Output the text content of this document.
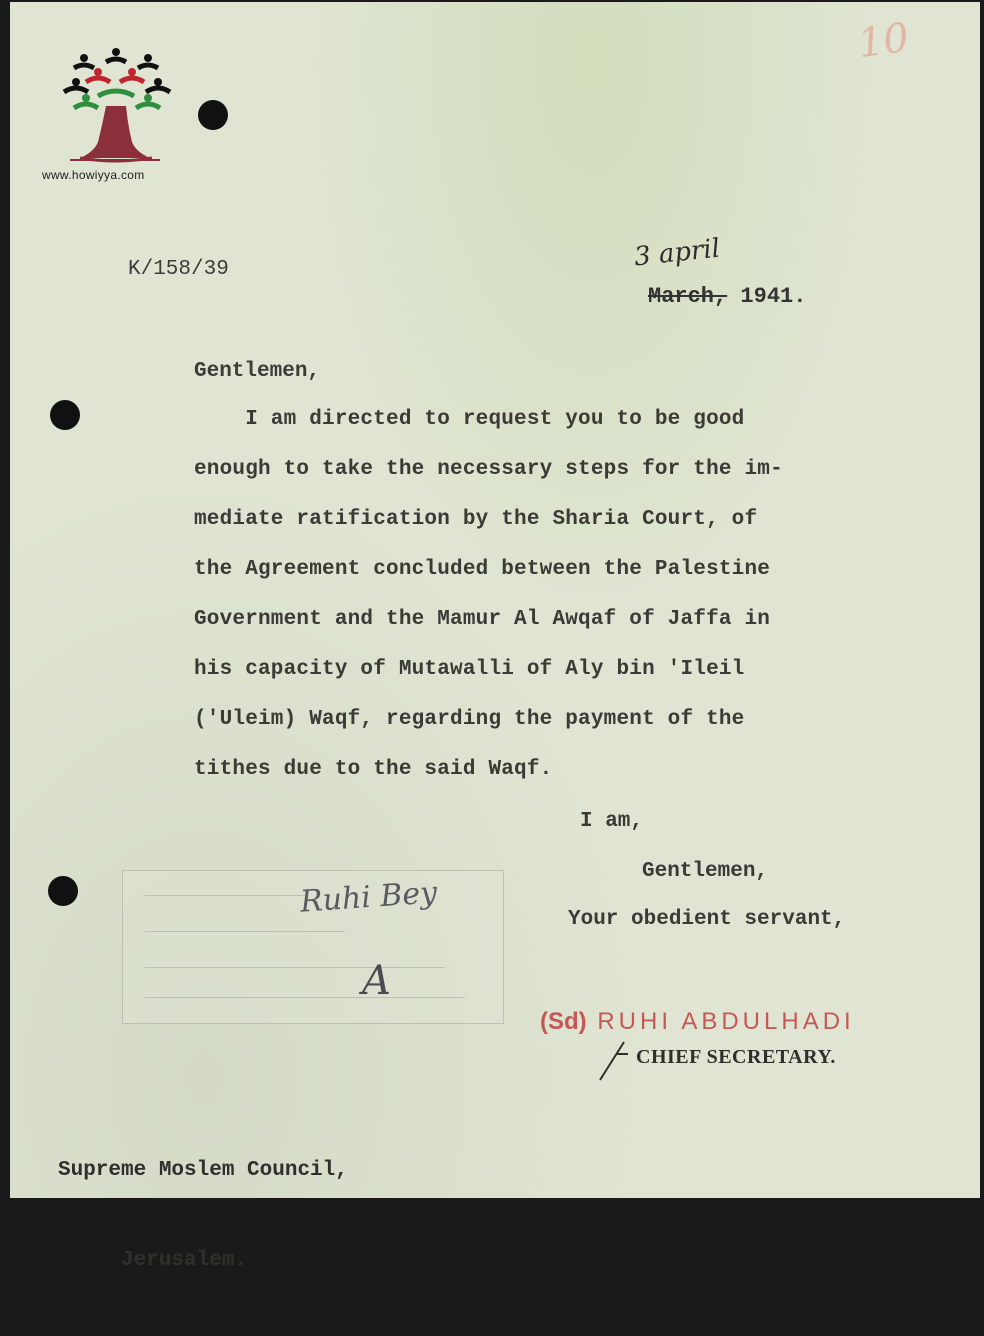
www.howiyya.com
10
K/158/39	3 april
March, 1941.
Gentlemen,
I am directed to request you to be good
enough to take the necessary steps for the im-
mediate ratification by the Sharia Court, of
the Agreement concluded between the Palestine
Government and the Mamur Al Awqaf of Jaffa in
his capacity of Mutawalli of Aly bin 'Ileil
('Uleim) Waqf, regarding the payment of the
tithes due to the said Waqf.
I am,
Gentlemen,
Your obedient servant,
Ruhi Bey
A
(Sd) RUHI ABDULHADI
CHIEF SECRETARY.

Supreme Moslem Council,

Jerusalem.
